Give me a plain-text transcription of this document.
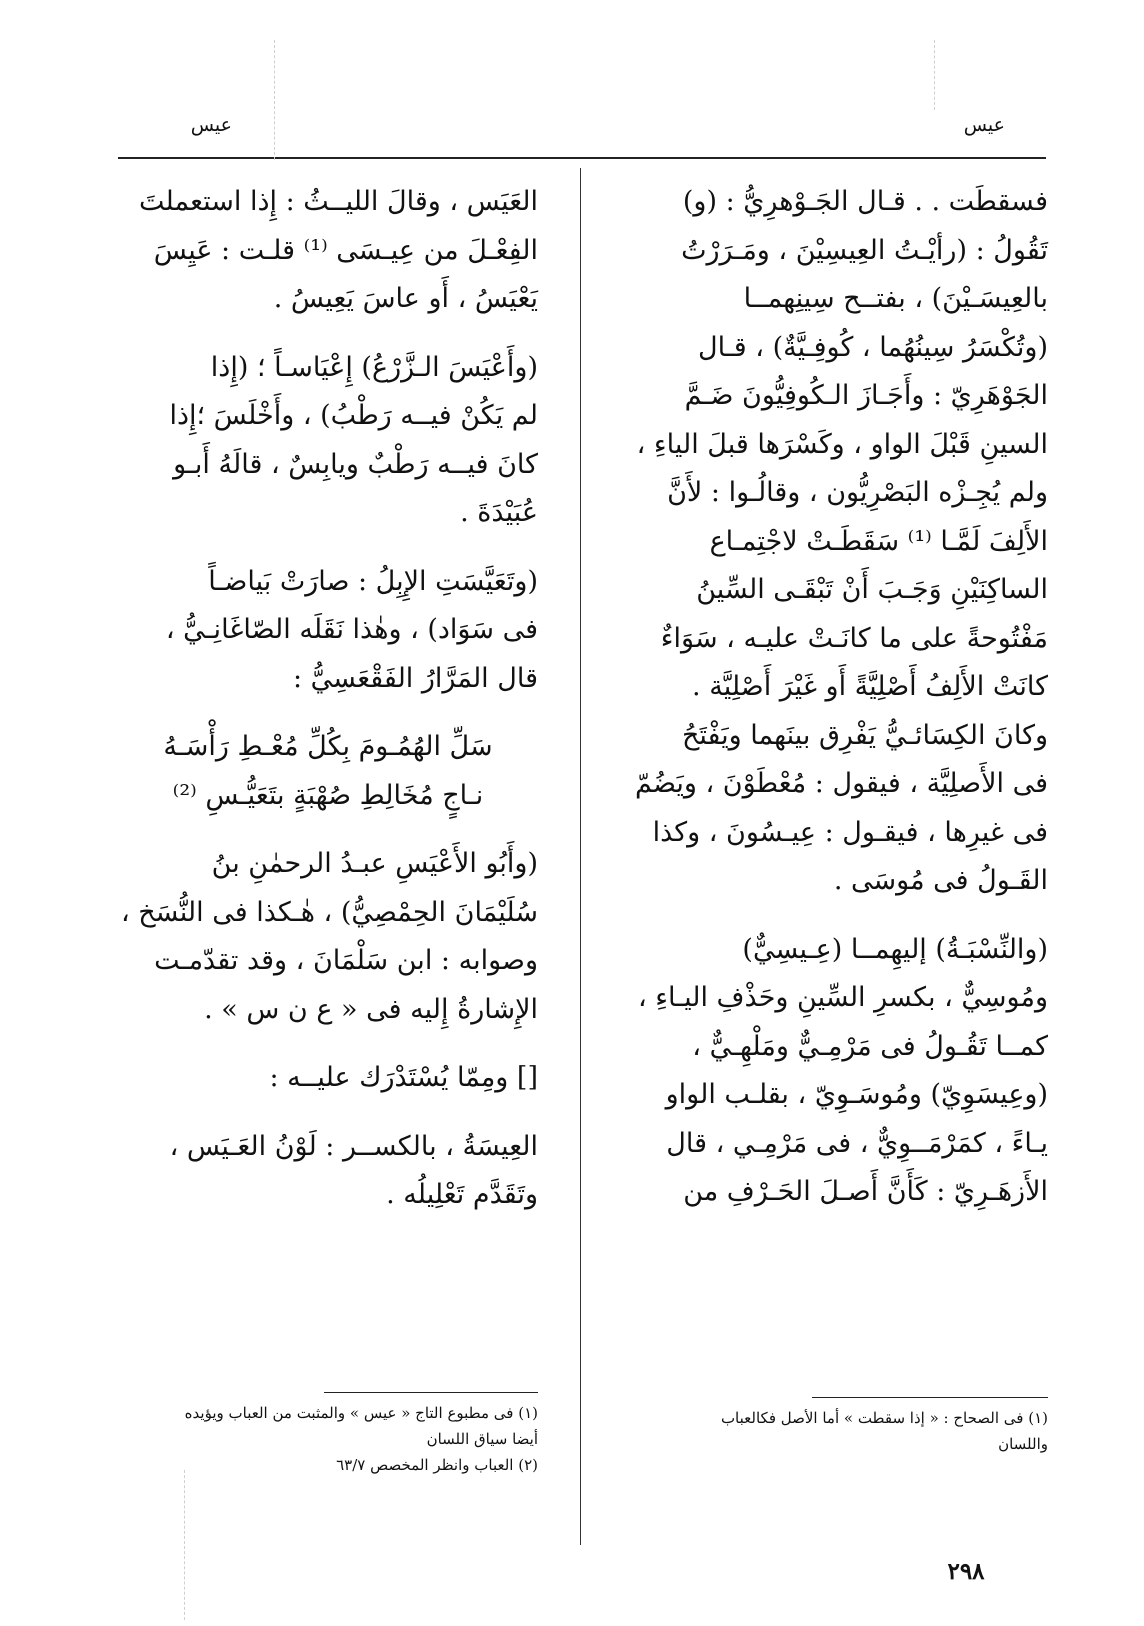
عيس
عيس

فسقطَت . . قـال الجَـوْهرِيُّ : (و)

تَقُولُ : (رأيْـتُ العِيسِيْنَ ، ومَـرَرْتُ

بالعِيسَـيْنَ) ، بفتــح سِينِهمــا

(وتُكْسَرُ سِينُهُما ، كُوفِـيَّةٌ) ، قـال

الجَوْهَرِيّ : وأَجَـازَ الـكُوفِيُّونَ ضَـمَّ

السينِ قَبْلَ الواو ، وكَسْرَها قبلَ الياءِ ،

ولم يُجِـزْه البَصْرِيُّون ، وقالُـوا : لأَنَّ

الأَلِفَ لَمَّـا ⁽¹⁾ سَقَطَـتْ لاجْتِمـاع

الساكِنَيْنِ وَجَـبَ أَنْ تَبْقَـى السِّينُ

مَفْتُوحةً على ما كانَـتْ عليـه ، سَوَاءٌ

كانَتْ الأَلِفُ أَصْلِيَّةً أَو غَيْرَ أَصْلِيَّة .

وكانَ الكِسَائـيُّ يَفْرِق بينَهما ويَفْتَحُ

فى الأَصلِيَّة ، فيقول : مُعْطَوْنَ ، ويَضُمّ

فى غيرِها ، فيقـول : عِيـسُونَ ، وكذا

القَـولُ فى مُوسَى .

(والنِّسْبَـةُ) إليهِمــا (عِـيسِيٌّ)

ومُوسِيٌّ ، بكسرِ السِّينِ وحَذْفِ اليـاءِ ،

كمــا تَقُـولُ فى مَرْمِـيٌّ ومَلْهِـيٌّ ،

(وعِيسَوِيّ) ومُوسَـوِيّ ، بقلـب الواو

يـاءً ، كمَرْمَــوِيٌّ ، فى مَرْمِـي ، قال

الأَزهَـرِيّ : كَأَنَّ أَصـلَ الحَـرْفِ من

العَيَس ، وقالَ الليــثُ : إِذا استعملتَ

الفِعْـلَ من عِيـسَى ⁽¹⁾ قلـت : عَيِسَ

يَعْيَسُ ، أَو عاسَ يَعِيسُ .

(وأَعْيَسَ الـزَّرْعُ) إِعْيَاسـاً ؛ (إِذا

لم يَكُنْ فيــه رَطْبُ) ، وأَخْلَسَ ؛إِذا

كانَ فيــه رَطْبٌ ويابِسٌ ، قالَهُ أَبـو

عُبَيْدَةَ .

(وتَعَيَّسَتِ الإِبِلُ : صارَتْ بَياضـاً

فى سَوَاد) ، وهٰذا نَقَلَه الصّاغَانِـيُّ ،

قال المَرَّارُ الفَقْعَسِيُّ :

سَلِّ الهُمُـومَ بِكُلِّ مُعْـطِ رَأْسَـهُ

نـاجٍ مُخَالِطِ صُهْبَةٍ بتَعَيُّـسِ ⁽²⁾

(وأَبُو الأَعْيَسِ عبـدُ الرحمٰنِ بنُ

سُلَيْمَانَ الحِمْصِيُّ) ، هٰـكذا فى النُّسَخ ،

وصوابه : ابن سَلْمَانَ ، وقد تقدّمـت

الإِشارةُ إِليه فى « ع ن س » .

[] ومِمّا يُسْتَدْرَك عليــه :

العِيسَةُ ، بالكســر : لَوْنُ العَـيَس ،

وتَقَدَّم تَعْلِيلُه .

(١) فى الصحاح : « إذا سقطت » أما الأصل فكالعباب

واللسان

(١) فى مطبوع التاج « عيس » والمثبت من العباب ويؤيده

أيضا سياق اللسان

(٢) العباب وانظر المخصص ٦٣/٧

٢٩٨
